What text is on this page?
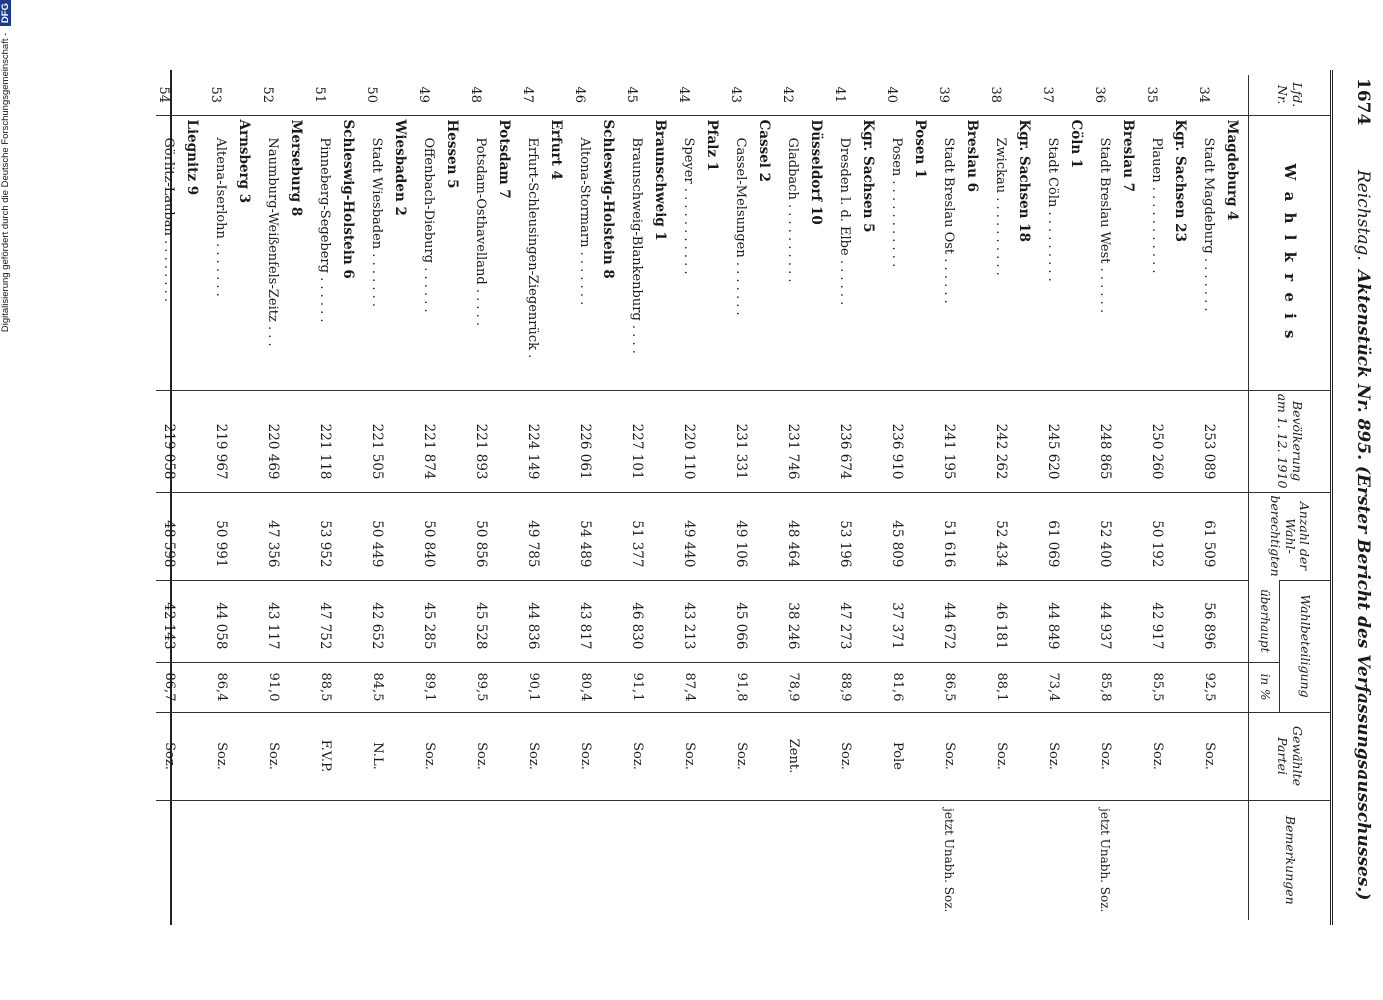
1674
Reichstag.
Aktenstück Nr. 895. (Erster Bericht des Verfassungsausschusses.)
Lfd. Nr.	W a h l k r e i s	Bevölkerung am 1. 12. 1910	Anzahl der Wahl-berechtigten	Wahlbeteiligung		Gewählte Partei	Bemerkungen
				überhaupt	in %		

34	Magdeburg 4
Stadt Magdeburg . . . . . . .	253 089	61 509	56 896	92,5	Soz.	

35	Kgr. Sachsen 23
Plauen . . . . . . . . . . .	250 260	50 192	42 917	85,5	Soz.	

36	Breslau 7
Stadt Breslau West . . . . . .	248 865	52 400	44 937	85,8	Soz.	jetzt Unabh. Soz.

37	Cöln 1
Stadt Cöln . . . . . . . . .	245 620	61 069	44 849	73,4	Soz.	

38	Kgr. Sachsen 18
Zwickau . . . . . . . . . .	242 262	52 434	46 181	88,1	Soz.	

39	Breslau 6
Stadt Breslau Ost . . . . . .	241 195	51 616	44 672	86,5	Soz.	jetzt Unabh. Soz.

40	Posen 1
Posen . . . . . . . . . . .	236 910	45 809	37 371	81,6	Pole	

41	Kgr. Sachsen 5
Dresden l. d. Elbe . . . . . .	236 674	53 196	47 273	88,9	Soz.	

42	Düsseldorf 10
Gladbach . . . . . . . . . .	231 746	48 464	38 246	78,9	Zent.	

43	Cassel 2
Cassel-Melsungen . . . . . . .	231 331	49 106	45 066	91,8	Soz.	

44	Pfalz 1
Speyer . . . . . . . . . . .	220 110	49 440	43 213	87,4	Soz.	

45	Braunschweig 1
Braunschweig-Blankenburg . . . .	227 101	51 377	46 830	91,1	Soz.	

46	Schleswig-Holstein 8
Altona-Stormarn . . . . . . .	226 061	54 489	43 817	80,4	Soz.	

47	Erfurt 4
Erfurt-Schleusingen-Ziegenrück .	224 149	49 785	44 836	90,1	Soz.	

48	Potsdam 7
Potsdam-Osthavelland . . . . .	221 893	50 856	45 528	89,5	Soz.	

49	Hessen 5
Offenbach-Dieburg . . . . . .	221 874	50 840	45 285	89,1	Soz.	

50	Wiesbaden 2
Stadt Wiesbaden . . . . . . .	221 505	50 449	42 652	84,5	N.L.	

51	Schleswig-Holstein 6
Pinneberg-Segeberg . . . . . .	221 118	53 952	47 752	88,5	F.V.P.	

52	Merseburg 8
Naumburg-Weißenfels-Zeitz . . .	220 469	47 356	43 117	91,0	Soz.	

53	Arnsberg 3
Altena-Iserlohn . . . . . . .	219 967	50 991	44 058	86,4	Soz.	

54	Liegnitz 9
Görlitz-Lauban . . . . . . . .	219 058	48 598	42 143	86,7	Soz.	

Digitalisierung gefördert durch die Deutsche Forschungsgemeinschaft - DFG
